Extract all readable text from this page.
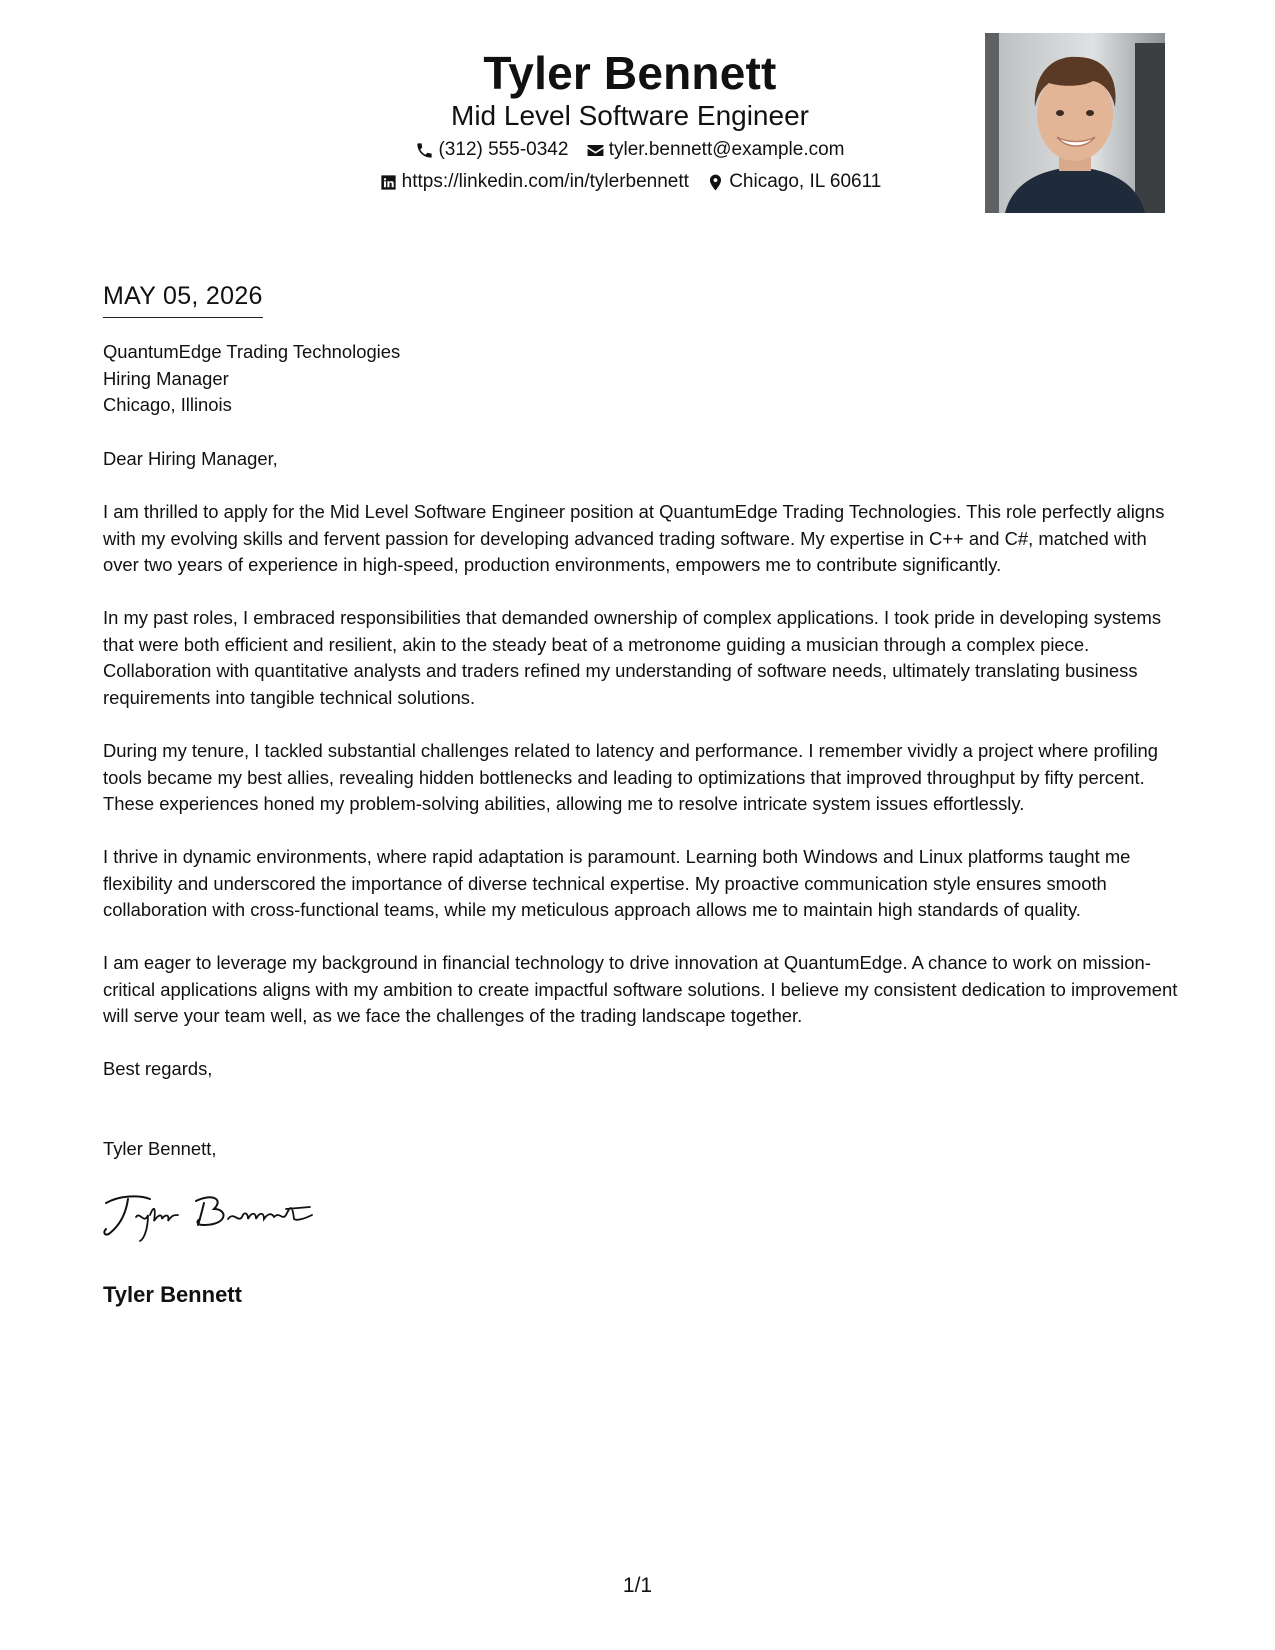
Tyler Bennett
Mid Level Software Engineer
(312) 555-0342
tyler.bennett@example.com
https://linkedin.com/in/tylerbennett
Chicago, IL 60611
MAY 05, 2026
QuantumEdge Trading Technologies
Hiring Manager
Chicago, Illinois
Dear Hiring Manager,
I am thrilled to apply for the Mid Level Software Engineer position at QuantumEdge Trading Technologies. This role perfectly aligns with my evolving skills and fervent passion for developing advanced trading software. My expertise in C++ and C#, matched with over two years of experience in high-speed, production environments, empowers me to contribute significantly.
In my past roles, I embraced responsibilities that demanded ownership of complex applications. I took pride in developing systems that were both efficient and resilient, akin to the steady beat of a metronome guiding a musician through a complex piece. Collaboration with quantitative analysts and traders refined my understanding of software needs, ultimately translating business requirements into tangible technical solutions.
During my tenure, I tackled substantial challenges related to latency and performance. I remember vividly a project where profiling tools became my best allies, revealing hidden bottlenecks and leading to optimizations that improved throughput by fifty percent. These experiences honed my problem-solving abilities, allowing me to resolve intricate system issues effortlessly.
I thrive in dynamic environments, where rapid adaptation is paramount. Learning both Windows and Linux platforms taught me flexibility and underscored the importance of diverse technical expertise. My proactive communication style ensures smooth collaboration with cross-functional teams, while my meticulous approach allows me to maintain high standards of quality.
I am eager to leverage my background in financial technology to drive innovation at QuantumEdge. A chance to work on mission-critical applications aligns with my ambition to create impactful software solutions. I believe my consistent dedication to improvement will serve your team well, as we face the challenges of the trading landscape together.
Best regards,
Tyler Bennett,
Tyler Bennett
1/1
